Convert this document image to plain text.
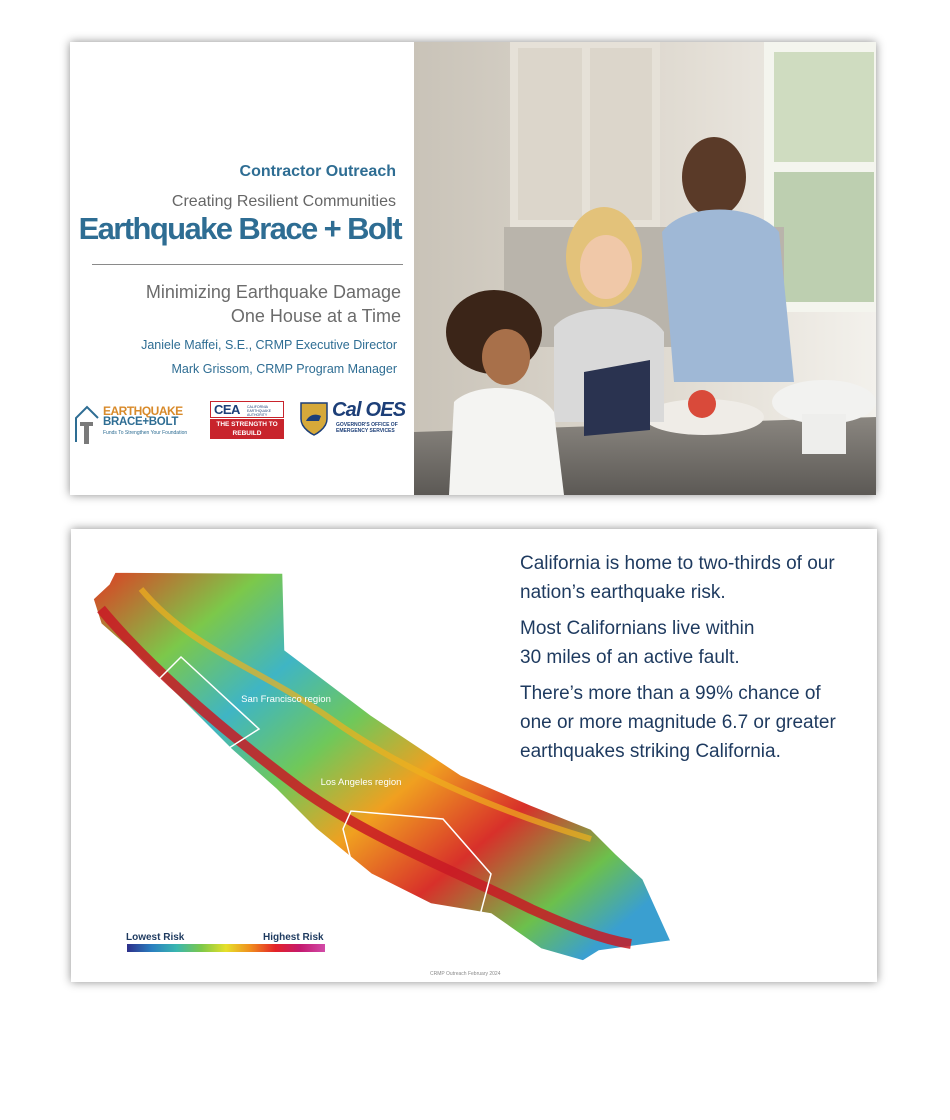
Contractor Outreach
Creating Resilient Communities
Earthquake Brace + Bolt
Minimizing Earthquake Damage
One House at a Time
Janiele Maffei, S.E., CRMP Executive Director
Mark Grissom, CRMP Program Manager
EARTHQUAKE
BRACE+BOLT
Funds To Strengthen Your Foundation
CEA CALIFORNIA EARTHQUAKE AUTHORITY
THE STRENGTH TO REBUILD
Cal OES
GOVERNOR'S OFFICE OF EMERGENCY SERVICES
San Francisco region
Los Angeles region
California is home to two-thirds of our nation’s earthquake risk.
Most Californians live within
30 miles of an active fault.
There’s more than a 99% chance of one or more magnitude 6.7 or greater earthquakes striking California.
Lowest Risk	Highest Risk
CRMP Outreach February 2024
